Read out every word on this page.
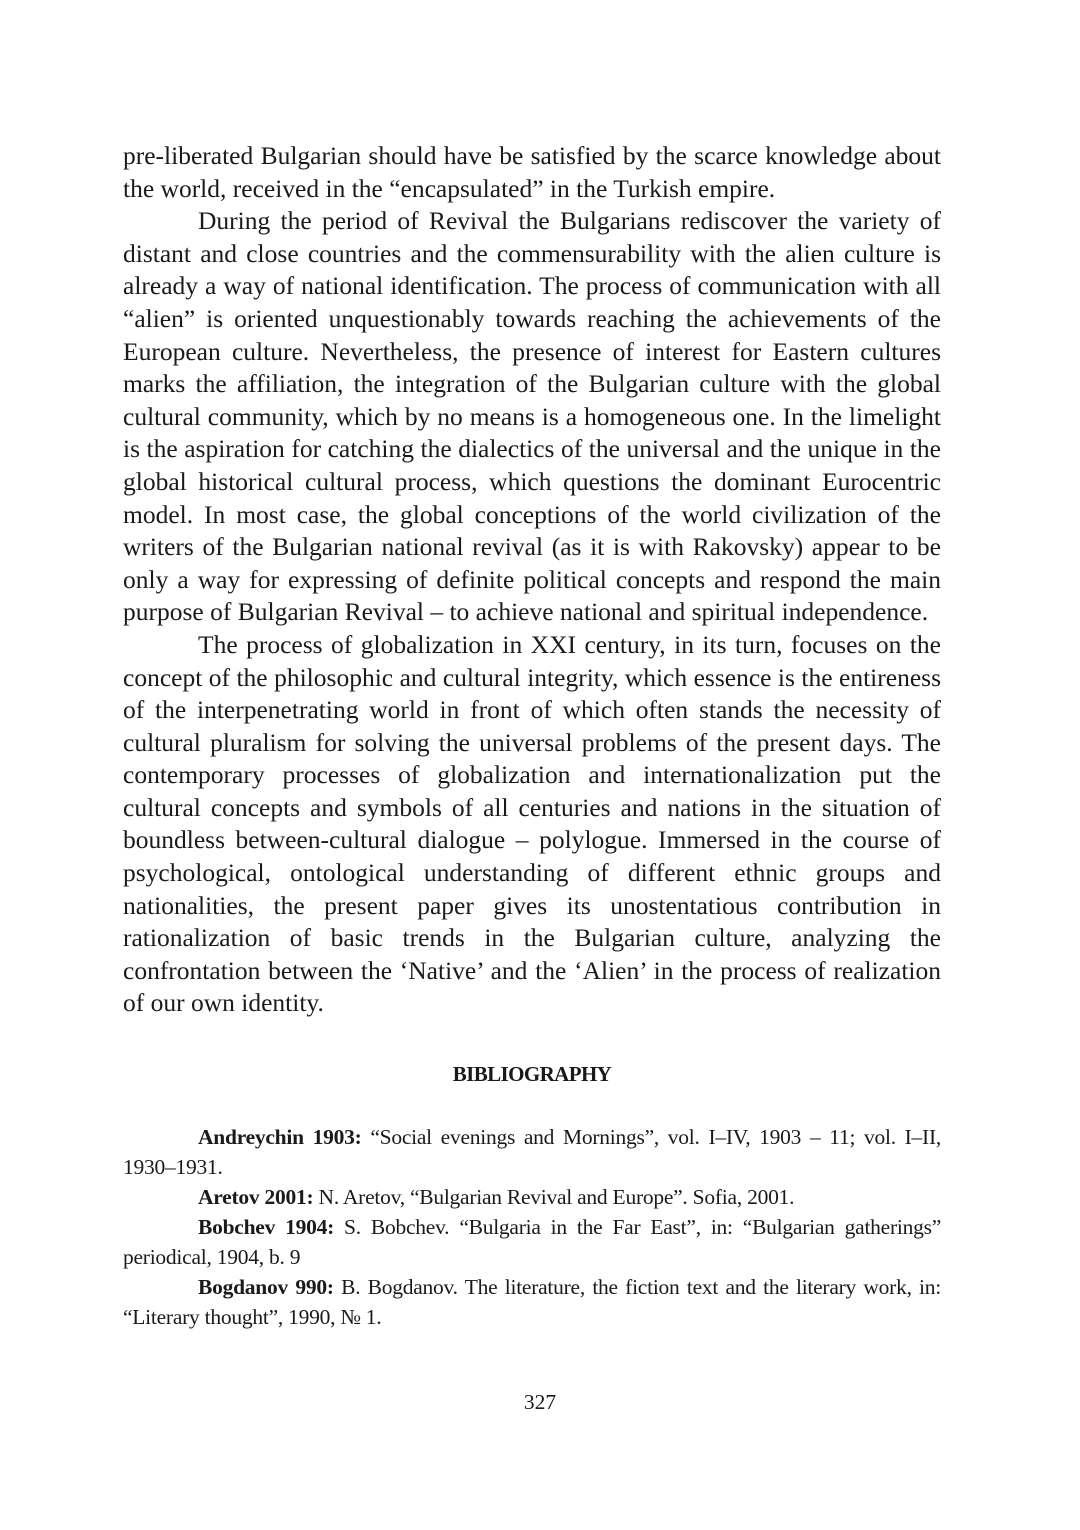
pre-liberated Bulgarian should have be satisfied by the scarce knowledge about the world, received in the “encapsulated” in the Turkish empire.

During the period of Revival the Bulgarians rediscover the variety of distant and close countries and the commensurability with the alien culture is already a way of national identification. The process of communication with all “alien” is oriented unquestionably towards reaching the achievements of the European culture. Nevertheless, the presence of interest for Eastern cultures marks the affiliation, the integration of the Bulgarian culture with the global cultural community, which by no means is a homogeneous one. In the limelight is the aspiration for catching the dialectics of the universal and the unique in the global historical cultural process, which questions the dominant Eurocentric model. In most case, the global conceptions of the world civilization of the writers of the Bulgarian national revival (as it is with Rakovsky) appear to be only a way for expressing of definite political concepts and respond the main purpose of Bulgarian Revival – to achieve national and spiritual independence.

The process of globalization in XXI century, in its turn, focuses on the concept of the philosophic and cultural integrity, which essence is the entireness of the interpenetrating world in front of which often stands the necessity of cultural pluralism for solving the universal problems of the present days. The contemporary processes of globalization and internationalization put the cultural concepts and symbols of all centuries and nations in the situation of boundless between-cultural dialogue – polylogue. Immersed in the course of psychological, ontological understanding of different ethnic groups and nationalities, the present paper gives its unostentatious contribution in rationalization of basic trends in the Bulgarian culture, analyzing the confrontation between the ‘Native’ and the ‘Alien’ in the process of realization of our own identity.

BIBLIOGRAPHY

Andreychin 1903: “Social evenings and Mornings”, vol. I–IV, 1903 – 11; vol. I–II, 1930–1931.

Aretov 2001: N. Aretov, “Bulgarian Revival and Europe”. Sofia, 2001.

Bobchev 1904: S. Bobchev. “Bulgaria in the Far East”, in: “Bulgarian gatherings” periodical, 1904, b. 9

Bogdanov 990: B. Bogdanov. The literature, the fiction text and the literary work, in: “Literary thought”, 1990, № 1.

327
